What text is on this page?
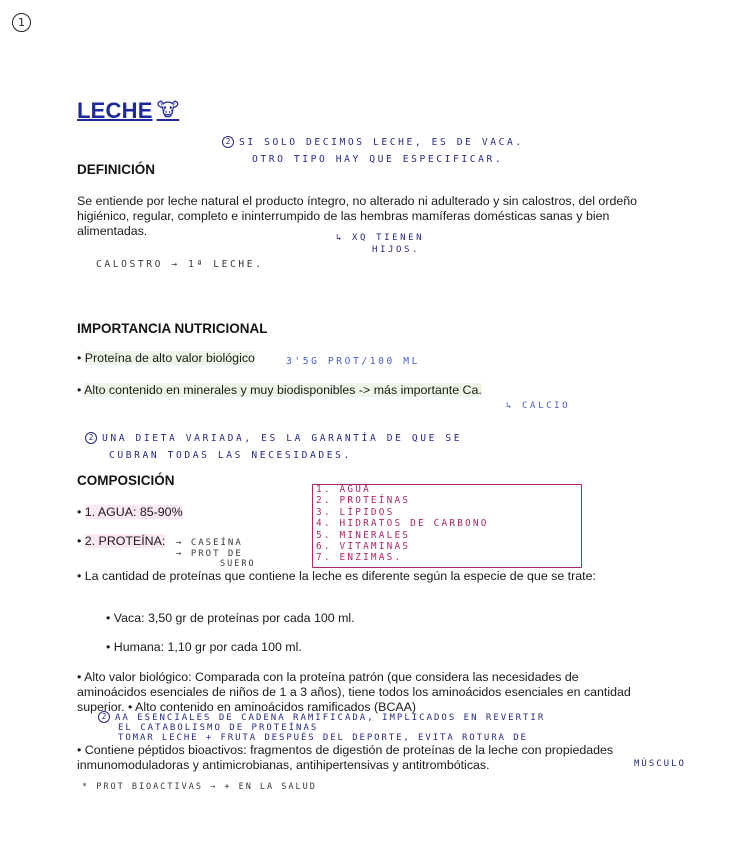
1
LECHE 🐮
2 SI SOLO DECIMOS LECHE, ES DE VACA.
OTRO TIPO HAY QUE ESPECIFICAR.
DEFINICIÓN
Se entiende por leche natural el producto íntegro, no alterado ni adulterado y sin calostros, del ordeño higiénico, regular, completo e ininterrumpido de las hembras mamíferas domésticas sanas y bien alimentadas.	↳ XQ TIENEN
HIJOS.
CALOSTRO → 1ª LECHE.
IMPORTANCIA NUTRICIONAL
• Proteína de alto valor biológico	3'5G PROT/100 ML
• Alto contenido en minerales y muy biodisponibles -> más importante Ca.
↳ CALCIO
2 UNA DIETA VARIADA, ES LA GARANTÍA DE QUE SE
CUBRAN TODAS LAS NECESIDADES.
COMPOSICIÓN
• 1. AGUA: 85-90%
• 2. PROTEÍNA: → CASEÍNA
→ PROT DE
SUERO
1. AGUA
2. PROTEÍNAS
3. LÍPIDOS
4. HIDRATOS DE CARBONO
5. MINERALES
6. VITAMINAS
7. ENZIMAS.
• La cantidad de proteínas que contiene la leche es diferente según la especie de que se trate:
• Vaca: 3,50 gr de proteínas por cada 100 ml.
• Humana: 1,10 gr por cada 100 ml.
• Alto valor biológico: Comparada con la proteína patrón (que considera las necesidades de aminoácidos esenciales de niños de 1 a 3 años), tiene todos los aminoácidos esenciales en cantidad superior. • Alto contenido en aminoácidos ramificados (BCAA)
2 AA ESENCIALES DE CADENA RAMIFICADA, IMPLICADOS EN REVERTIR
EL CATABOLISMO DE PROTEÍNAS
TOMAR LECHE + FRUTA DESPUÉS DEL DEPORTE, EVITA ROTURA DE
MÚSCULO
• Contiene péptidos bioactivos: fragmentos de digestión de proteínas de la leche con propiedades inmunomoduladoras y antimicrobianas, antihipertensivas y antitrombóticas.
* PROT BIOACTIVAS → + EN LA SALUD
